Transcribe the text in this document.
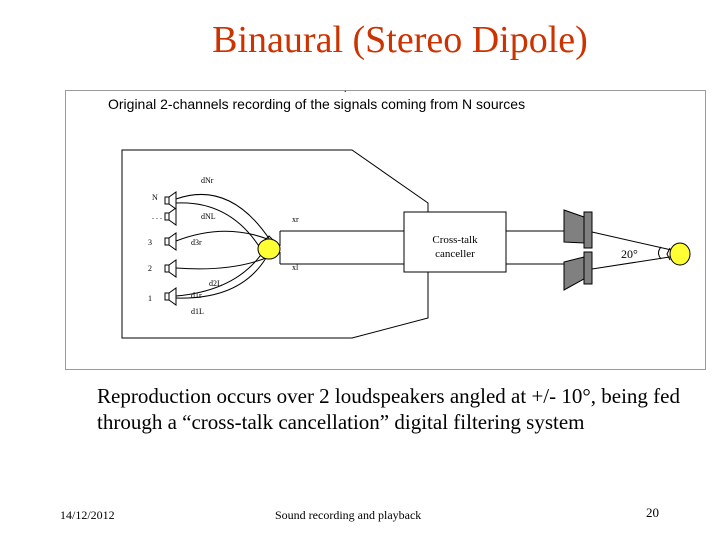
Binaural (Stereo Dipole)
.
Original 2-channels recording of the signals coming from N sources
N
. . .
3
2
1
dNr
dNL
d3r
d2L
d1r
d1L
xr
xl
Cross-talk
canceller	20°
Reproduction occurs over 2 loudspeakers angled at +/- 10°, being fed through a “cross-talk cancellation” digital filtering system
14/12/2012	Sound recording and playback	20
